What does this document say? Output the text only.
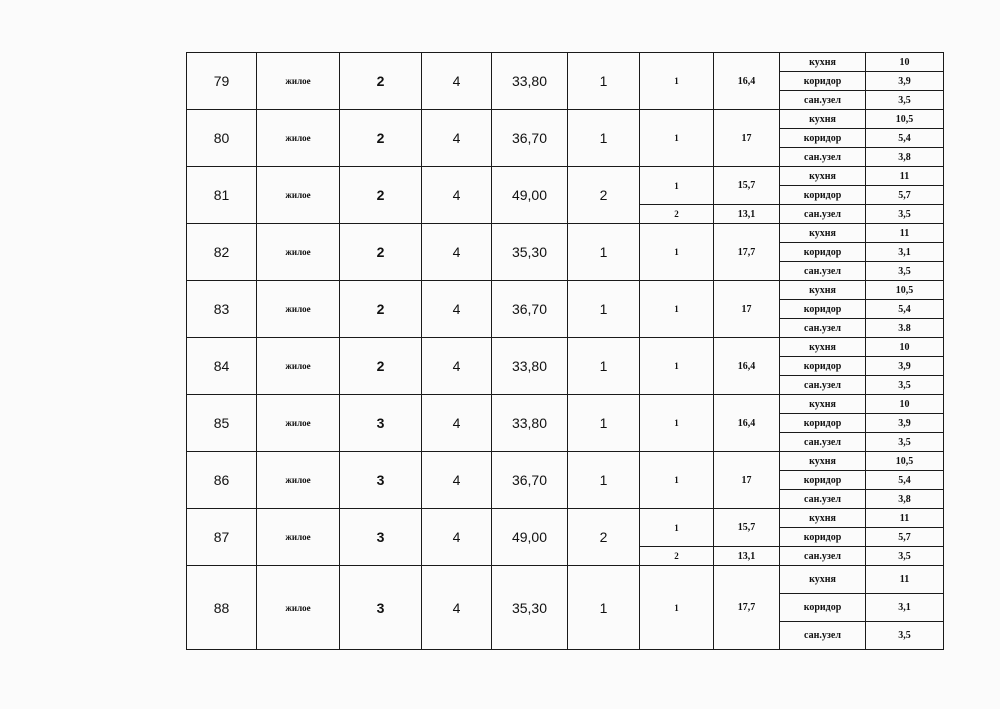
79	жилое	2	4	33,80	1	1	16,4	кухня	10
								коридор	3,9
								сан.узел	3,5
80	жилое	2	4	36,70	1	1	17	кухня	10,5
								коридор	5,4
								сан.узел	3,8
81	жилое	2	4	49,00	2	1	15,7	кухня	11
								коридор	5,7
						2	13,1	сан.узел	3,5
82	жилое	2	4	35,30	1	1	17,7	кухня	11
								коридор	3,1
								сан.узел	3,5
83	жилое	2	4	36,70	1	1	17	кухня	10,5
								коридор	5,4
								сан.узел	3.8
84	жилое	2	4	33,80	1	1	16,4	кухня	10
								коридор	3,9
								сан.узел	3,5
85	жилое	3	4	33,80	1	1	16,4	кухня	10
								коридор	3,9
								сан.узел	3,5
86	жилое	3	4	36,70	1	1	17	кухня	10,5
								коридор	5,4
								сан.узел	3,8
87	жилое	3	4	49,00	2	1	15,7	кухня	11
								коридор	5,7
						2	13,1	сан.узел	3,5
88	жилое	3	4	35,30	1	1	17,7	кухня	11
								коридор	3,1
								сан.узел	3,5
